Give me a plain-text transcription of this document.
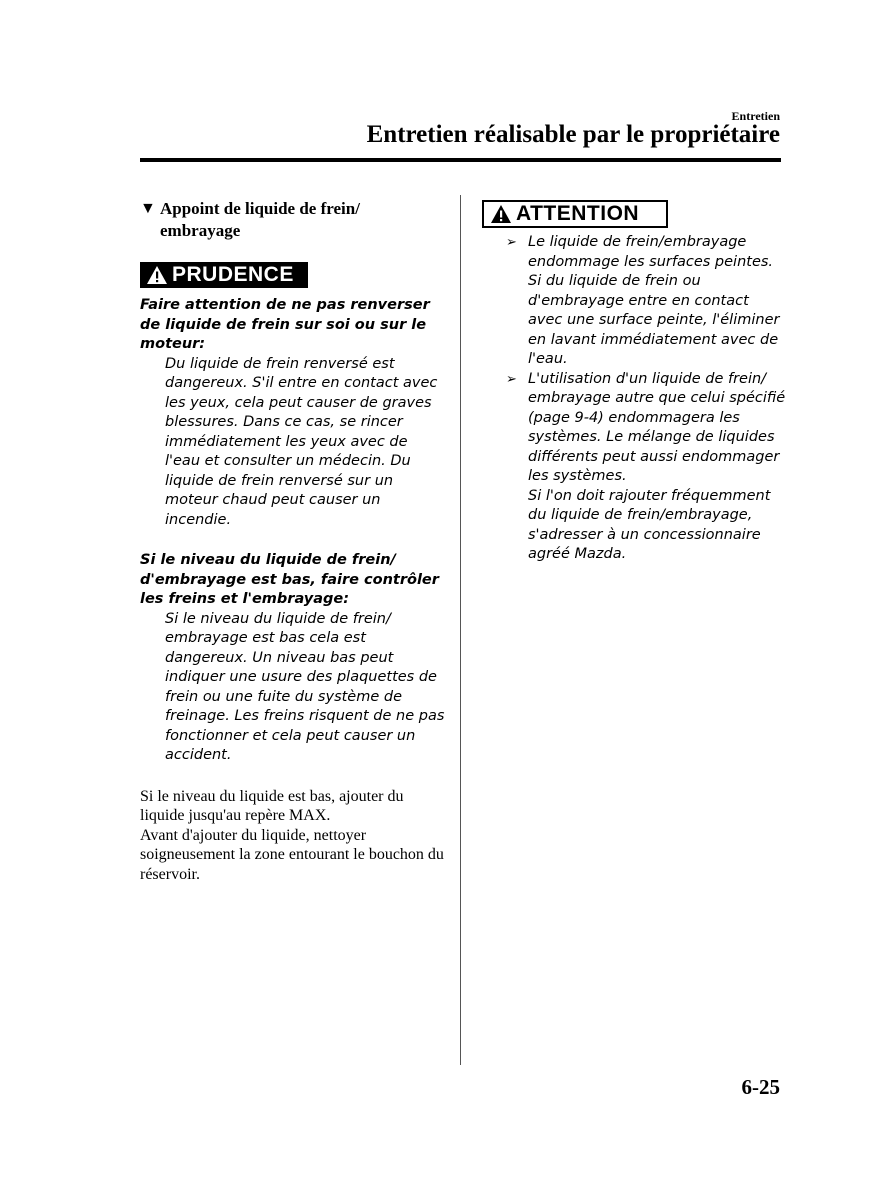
Entretien
Entretien réalisable par le propriétaire
▼ Appoint de liquide de frein/
embrayage
PRUDENCE
Faire attention de ne pas renverser de liquide de frein sur soi ou sur le moteur:
Du liquide de frein renversé est dangereux. S'il entre en contact avec les yeux, cela peut causer de graves blessures. Dans ce cas, se rincer immédiatement les yeux avec de l'eau et consulter un médecin. Du liquide de frein renversé sur un moteur chaud peut causer un incendie.
Si le niveau du liquide de frein/ d'embrayage est bas, faire contrôler les freins et l'embrayage:
Si le niveau du liquide de frein/ embrayage est bas cela est dangereux. Un niveau bas peut indiquer une usure des plaquettes de frein ou une fuite du système de freinage. Les freins risquent de ne pas fonctionner et cela peut causer un accident.
Si le niveau du liquide est bas, ajouter du liquide jusqu'au repère MAX.
Avant d'ajouter du liquide, nettoyer soigneusement la zone entourant le bouchon du réservoir.
ATTENTION
➢ Le liquide de frein/embrayage endommage les surfaces peintes. Si du liquide de frein ou d'embrayage entre en contact avec une surface peinte, l'éliminer en lavant immédiatement avec de l'eau.
➢ L'utilisation d'un liquide de frein/ embrayage autre que celui spécifié (page 9-4) endommagera les systèmes. Le mélange de liquides différents peut aussi endommager les systèmes.
Si l'on doit rajouter fréquemment du liquide de frein/embrayage, s'adresser à un concessionnaire agréé Mazda.
6-25
